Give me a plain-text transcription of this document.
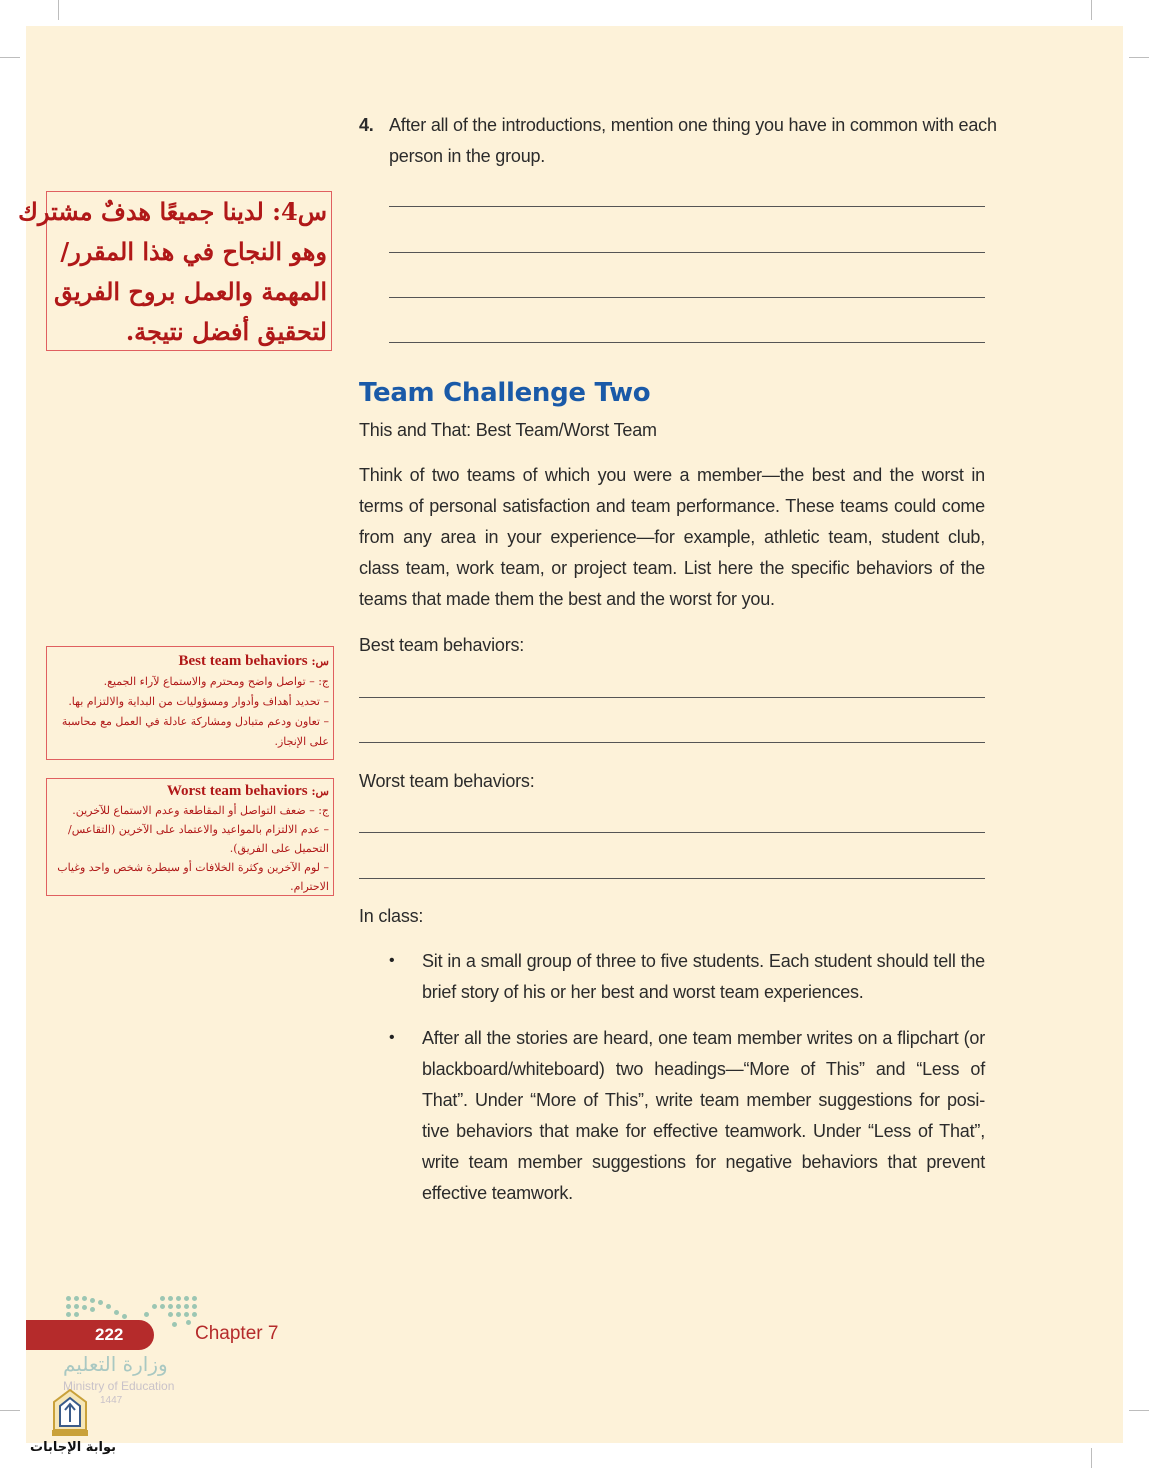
4. After all of the introductions, mention one thing you have in common with each
person in the group.
س4: لدينا جميعًا هدفٌ مشترك
وهو النجاح في هذا المقرر/
المهمة والعمل بروح الفريق
لتحقيق أفضل نتيجة.
Team Challenge Two
This and That: Best Team/Worst Team
Think of two teams of which you were a member—the best and the worst in
terms of personal satisfaction and team performance. These teams could come
from any area in your experience—for example, athletic team, student club,
class team, work team, or project team. List here the specific behaviors of the
teams that made them the best and the worst for you.
Best team behaviors:
Worst team behaviors:
In class:
• Sit in a small group of three to five students. Each student should tell the
brief story of his or her best and worst team experiences.
• After all the stories are heard, one team member writes on a flipchart (or
blackboard/whiteboard) two headings—“More of This” and “Less of
That”. Under “More of This”, write team member suggestions for posi-
tive behaviors that make for effective teamwork. Under “Less of That”,
write team member suggestions for negative behaviors that prevent
effective teamwork.
س: Best team behaviors
ج: – تواصل واضح ومحترم والاستماع لآراء الجميع.
– تحديد أهداف وأدوار ومسؤوليات من البداية والالتزام بها.
– تعاون ودعم متبادل ومشاركة عادلة في العمل مع محاسبة
على الإنجاز.
س: Worst team behaviors
ج: – ضعف التواصل أو المقاطعة وعدم الاستماع للآخرين.
– عدم الالتزام بالمواعيد والاعتماد على الآخرين (التقاعس/
التحميل على الفريق).
– لوم الآخرين وكثرة الخلافات أو سيطرة شخص واحد وغياب
الاحترام.
222	Chapter 7
وزارة التعليم
Ministry of Education
1447
بوابة الإجابات
